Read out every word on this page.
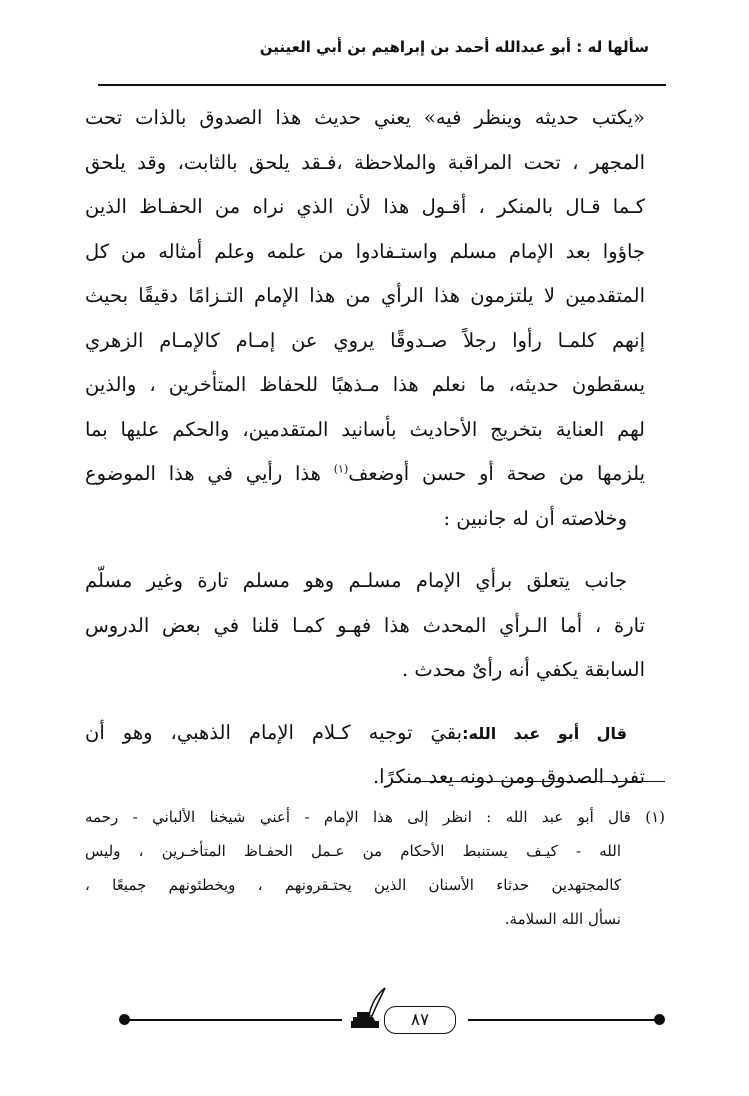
سألها له : أبو عبدالله أحمد بن إبراهيم بن أبي العينين
«يكتب حديثه وينظر فيه» يعني حديث هذا الصدوق بالذات تحت
المجهر ، تحت المراقبة والملاحظة ،فـقد يلحق بالثابت، وقد يلحق
كـما قـال بالمنكر ، أقـول هذا لأن الذي نراه من الحفـاظ الذين
جاؤوا بعد الإمام مسلم واستـفادوا من علمه وعلم أمثاله من كل
المتقدمين لا يلتزمون هذا الرأي من هذا الإمام التـزامًا دقيقًا بحيث
إنهم كلمـا رأوا رجلاً صـدوقًا يروي عن إمـام كالإمـام الزهري
يسقطون حديثه، ما نعلم هذا مـذهبًا للحفاظ المتأخرين ، والذين
لهم العناية بتخريج الأحاديث بأسانيد المتقدمين، والحكم عليها بما
يلزمها من صحة أو حسن أوضعف$^{(١)}$ هذا رأيي في هذا الموضوع
وخلاصته أن له جانبين :
جانب يتعلق برأي الإمام مسلـم وهو مسلم تارة وغير مسلّم
تارة ، أما الـرأي المحدث هذا فهـو كمـا قلنا في بعض الدروس
السابقة يكفي أنه رأىٌ محدث .
قال أبو عبد الله:بقيَ توجيه كـلام الإمام الذهبي، وهو أن
تفرد الصدوق ومن دونه يعد منكرًا.
(١) قال أبو عبد الله : انظر إلى هذا الإمام - أعني شيخنا الألباني - رحمه
الله - كيـف يستنبط الأحكام من عـمل الحفـاظ المتأخـرين ، وليس
كالمجتهدين حدثاء الأسنان الذين يحتـقرونهم ، ويخطئونهم جميعًا ،
نسأل الله السلامة.
٨٧
